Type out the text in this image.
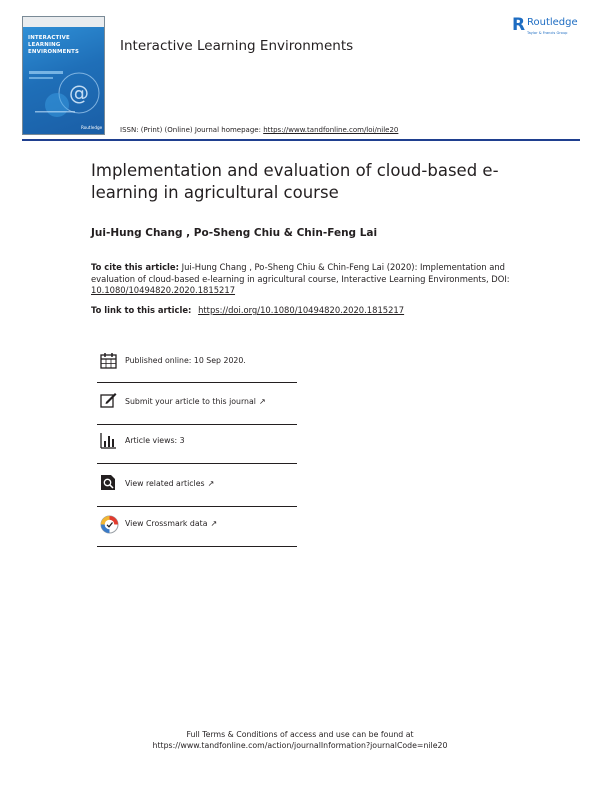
INTERACTIVE
LEARNING
ENVIRONMENTS
@
Routledge
Interactive Learning Environments
R Routledge
Taylor & Francis Group
ISSN: (Print) (Online) Journal homepage: https://www.tandfonline.com/loi/nile20
Implementation and evaluation of cloud-based e-learning in agricultural course
Jui-Hung Chang , Po-Sheng Chiu & Chin-Feng Lai
To cite this article: Jui-Hung Chang , Po-Sheng Chiu & Chin-Feng Lai (2020): Implementation and evaluation of cloud-based e-learning in agricultural course, Interactive Learning Environments, DOI: 10.1080/10494820.2020.1815217
To link to this article: https://doi.org/10.1080/10494820.2020.1815217
Published online: 10 Sep 2020.
Submit your article to this journal ↗
Article views: 3
View related articles ↗
View Crossmark data ↗
Full Terms & Conditions of access and use can be found at
https://www.tandfonline.com/action/journalInformation?journalCode=nile20
